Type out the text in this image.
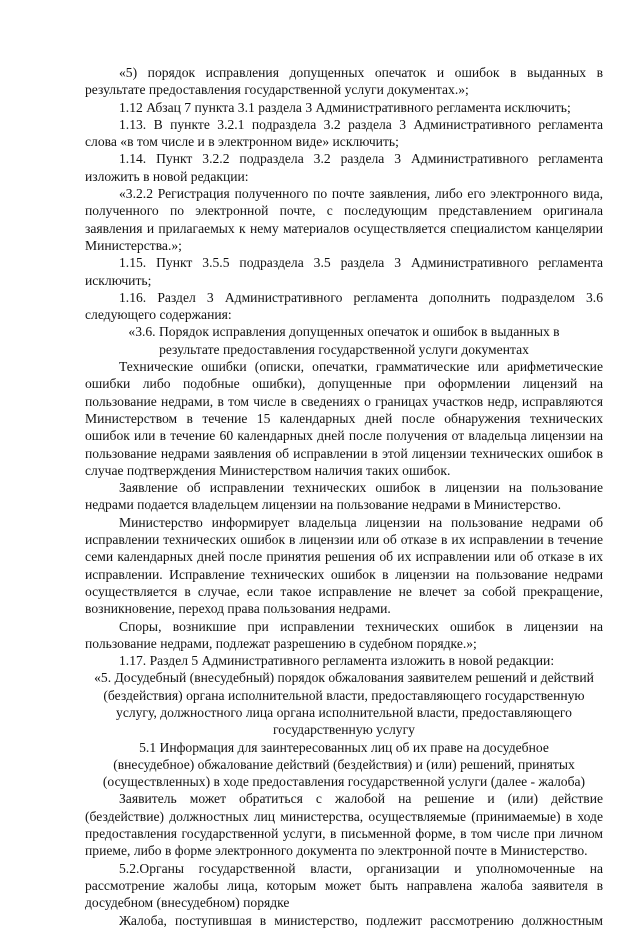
«5) порядок исправления допущенных опечаток и ошибок в выданных в
результате предоставления государственной услуги документах.»;
1.12 Абзац 7 пункта 3.1 раздела 3 Административного регламента исключить;
1.13. В пункте 3.2.1 подраздела 3.2 раздела 3 Административного регламента
слова «в том числе и в электронном виде» исключить;
1.14. Пункт 3.2.2 подраздела 3.2 раздела 3 Административного регламента
изложить в новой редакции:
«3.2.2 Регистрация полученного по почте заявления, либо его электронного вида,
полученного по электронной почте, с последующим представлением оригинала
заявления и прилагаемых к нему материалов осуществляется специалистом канцелярии
Министерства.»;
1.15. Пункт 3.5.5 подраздела 3.5 раздела 3 Административного регламента
исключить;
1.16. Раздел 3 Административного регламента дополнить подразделом 3.6
следующего содержания:
«3.6. Порядок исправления допущенных опечаток и ошибок в выданных в
результате предоставления государственной услуги документах
Технические ошибки (описки, опечатки, грамматические или арифметические
ошибки либо подобные ошибки), допущенные при оформлении лицензий на
пользование недрами, в том числе в сведениях о границах участков недр, исправляются
Министерством в течение 15 календарных дней после обнаружения технических
ошибок или в течение 60 календарных дней после получения от владельца лицензии на
пользование недрами заявления об исправлении в этой лицензии технических ошибок в
случае подтверждения Министерством наличия таких ошибок.
Заявление об исправлении технических ошибок в лицензии на пользование
недрами подается владельцем лицензии на пользование недрами в Министерство.
Министерство информирует владельца лицензии на пользование недрами об
исправлении технических ошибок в лицензии или об отказе в их исправлении в течение
семи календарных дней после принятия решения об их исправлении или об отказе в их
исправлении. Исправление технических ошибок в лицензии на пользование недрами
осуществляется в случае, если такое исправление не влечет за собой прекращение,
возникновение, переход права пользования недрами.
Споры, возникшие при исправлении технических ошибок в лицензии на
пользование недрами, подлежат разрешению в судебном порядке.»;
1.17. Раздел 5 Административного регламента изложить в новой редакции:
«5. Досудебный (внесудебный) порядок обжалования заявителем решений и действий
(бездействия) органа исполнительной власти, предоставляющего государственную
услугу, должностного лица органа исполнительной власти, предоставляющего
государственную услугу
5.1 Информация для заинтересованных лиц об их праве на досудебное
(внесудебное) обжалование действий (бездействия) и (или) решений, принятых
(осуществленных) в ходе предоставления государственной услуги (далее - жалоба)
Заявитель может обратиться с жалобой на решение и (или) действие
(бездействие) должностных лиц министерства, осуществляемые (принимаемые) в ходе
предоставления государственной услуги, в письменной форме, в том числе при личном
приеме, либо в форме электронного документа по электронной почте в Министерство.
5.2.Органы государственной власти, организации и уполномоченные на
рассмотрение жалобы лица, которым может быть направлена жалоба заявителя в
досудебном (внесудебном) порядке
Жалоба, поступившая в министерство, подлежит рассмотрению должностным
